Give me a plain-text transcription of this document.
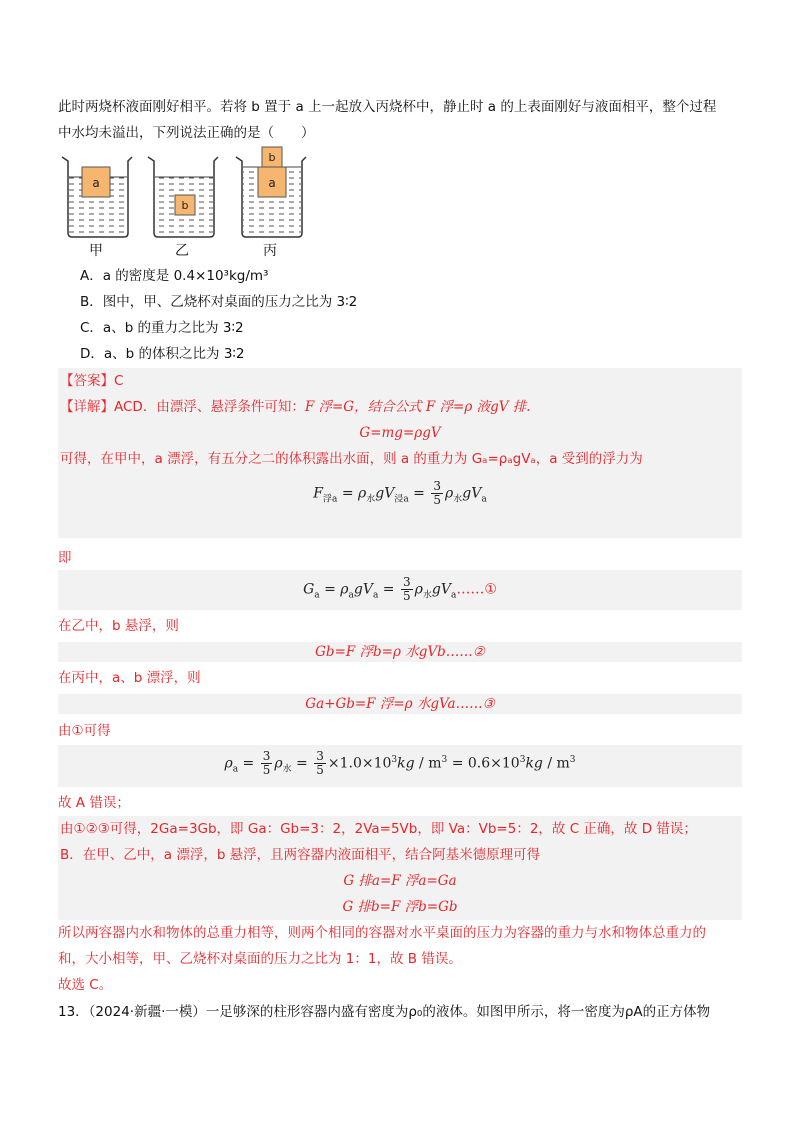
此时两烧杯液面刚好相平。若将 b 置于 a 上一起放入丙烧杯中，静止时 a 的上表面刚好与液面相平，整个过程
中水均未溢出，下列说法正确的是（　　）
a
b
a
b
甲	乙	丙
A．a 的密度是 0.4×10³kg/m³
B．图中，甲、乙烧杯对桌面的压力之比为 3∶2
C．a、b 的重力之比为 3∶2
D．a、b 的体积之比为 3∶2
【答案】C
【详解】ACD．由漂浮、悬浮条件可知：F 浮=G，结合公式 F 浮=ρ 液gV 排.
G=mg=ρgV
可得，在甲中，a 漂浮，有五分之二的体积露出水面，则 a 的重力为 Gₐ=ρₐgVₐ，a 受到的浮力为
$F_{浮a} = \rho_水gV_{浸a} = \frac{3}{5} \rho_水gV_a$
即
$G_a = \rho_agV_a = \frac{3}{5}$ $\rho_水gV_a\dots\dots ①$
在乙中，b 悬浮，则
Gb=F 浮b=ρ 水gVb……②
在丙中，a、b 漂浮，则
Ga+Gb=F 浮=ρ 水gVa……③
由①可得
$\rho_a = \frac{3}{5} \rho_水 = \frac{3}{5} \times 1.0\times 10^3kg / m^3 = 0.6\times 10^3kg / m^3$
故 A 错误；
由①②③可得，2Ga=3Gb，即 Ga：Gb=3：2，2Va=5Vb，即 Va：Vb=5：2，故 C 正确，故 D 错误；
B．在甲、乙中，a 漂浮，b 悬浮，且两容器内液面相平，结合阿基米德原理可得
G 排a=F 浮a=Ga
G 排b=F 浮b=Gb
所以两容器内水和物体的总重力相等，则两个相同的容器对水平桌面的压力为容器的重力与水和物体总重力的
和，大小相等，甲、乙烧杯对桌面的压力之比为 1：1，故 B 错误。
故选 C。
13．（2024·新疆·一模）一足够深的柱形容器内盛有密度为ρ₀的液体。如图甲所示，将一密度为ρA的正方体物
